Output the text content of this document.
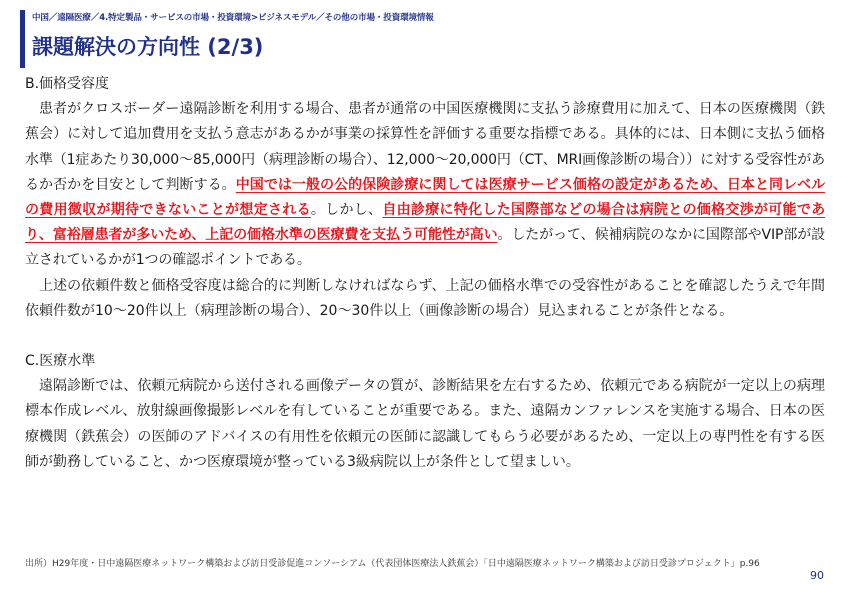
中国／遠隔医療／4.特定製品・サービスの市場・投資環境>ビジネスモデル／その他の市場・投資環境情報
課題解決の方向性 (2/3)
B.価格受容度

患者がクロスボーダー遠隔診断を利用する場合、患者が通常の中国医療機関に支払う診療費用に加えて、日本の医療機関（鉄蕉会）に対して追加費用を支払う意志があるかが事業の採算性を評価する重要な指標である。具体的には、日本側に支払う価格水準（1症あたり30,000～85,000円（病理診断の場合）、12,000～20,000円（CT、MRI画像診断の場合））に対する受容性があるか否かを目安として判断する。中国では一般の公的保険診療に関しては医療サービス価格の設定があるため、日本と同レベルの費用徴収が期待できないことが想定される。しかし、自由診療に特化した国際部などの場合は病院との価格交渉が可能であり、富裕層患者が多いため、上記の価格水準の医療費を支払う可能性が高い。したがって、候補病院のなかに国際部やVIP部が設立されているかが1つの確認ポイントである。

上述の依頼件数と価格受容度は総合的に判断しなければならず、上記の価格水準での受容性があることを確認したうえで年間依頼件数が10～20件以上（病理診断の場合）、20～30件以上（画像診断の場合）見込まれることが条件となる。

C.医療水準

遠隔診断では、依頼元病院から送付される画像データの質が、診断結果を左右するため、依頼元である病院が一定以上の病理標本作成レベル、放射線画像撮影レベルを有していることが重要である。また、遠隔カンファレンスを実施する場合、日本の医療機関（鉄蕉会）の医師のアドバイスの有用性を依頼元の医師に認識してもらう必要があるため、一定以上の専門性を有する医師が勤務していること、かつ医療環境が整っている3級病院以上が条件として望ましい。

出所）H29年度・日中遠隔医療ネットワーク構築および訪日受診促進コンソーシアム（代表団体医療法人鉄蕉会）「日中遠隔医療ネットワーク構築および訪日受診プロジェクト」p.96
90
